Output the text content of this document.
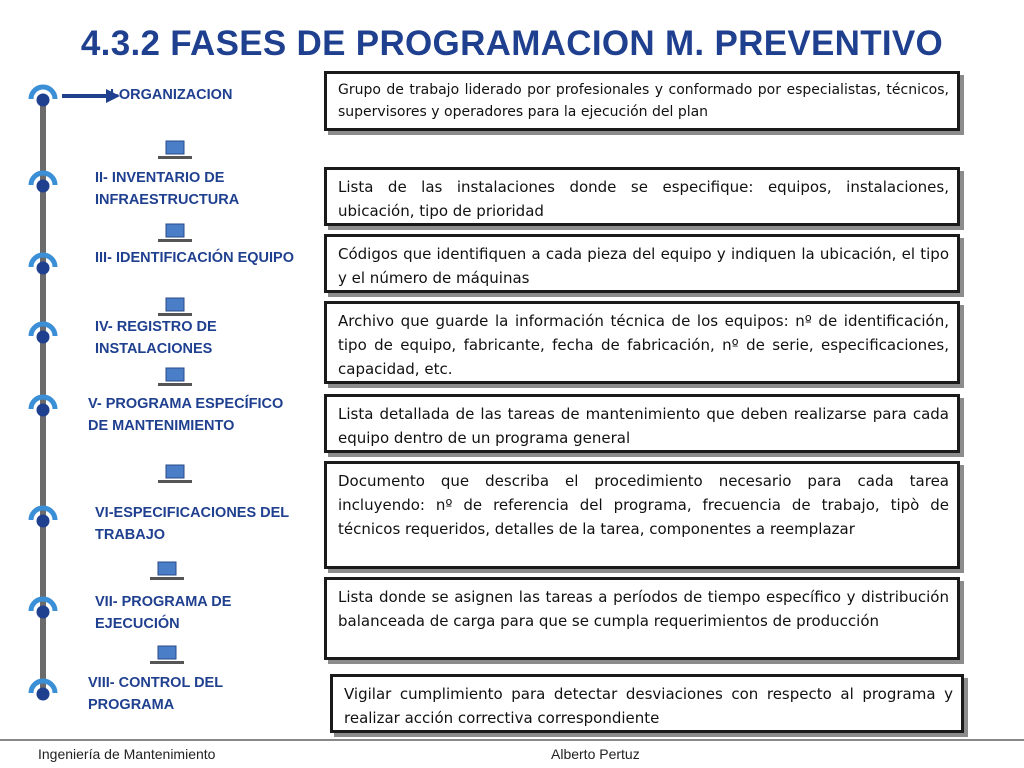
4.3.2 FASES DE PROGRAMACION M. PREVENTIVO
I-ORGANIZACION
II- INVENTARIO DE INFRAESTRUCTURA
III- IDENTIFICACIÓN EQUIPO
IV- REGISTRO DE INSTALACIONES
V- PROGRAMA ESPECÍFICO DE MANTENIMIENTO
VI-ESPECIFICACIONES DEL TRABAJO
VII- PROGRAMA DE EJECUCIÓN
VIII- CONTROL DEL PROGRAMA
Grupo de trabajo liderado por profesionales y conformado por especialistas, técnicos, supervisores y operadores para la ejecución del plan
Lista de las instalaciones donde se especifique: equipos, instalaciones, ubicación, tipo de prioridad
Códigos que identifiquen a cada pieza del equipo y indiquen la ubicación, el tipo y el número de máquinas
Archivo que guarde la información técnica de los equipos: nº de identificación, tipo de equipo, fabricante, fecha de fabricación, nº de serie, especificaciones, capacidad, etc.
Lista detallada de las tareas de mantenimiento que deben realizarse para cada equipo dentro de un programa general
Documento que describa el procedimiento necesario para cada tarea incluyendo: nº de referencia del programa, frecuencia de trabajo, tipò de técnicos requeridos, detalles de la tarea, componentes a reemplazar
Lista donde se asignen las tareas a períodos de tiempo específico y distribución balanceada de carga para que se cumpla requerimientos de producción
Vigilar cumplimiento para detectar desviaciones con respecto al programa y realizar acción correctiva correspondiente
Ingeniería de Mantenimiento	Alberto Pertuz
